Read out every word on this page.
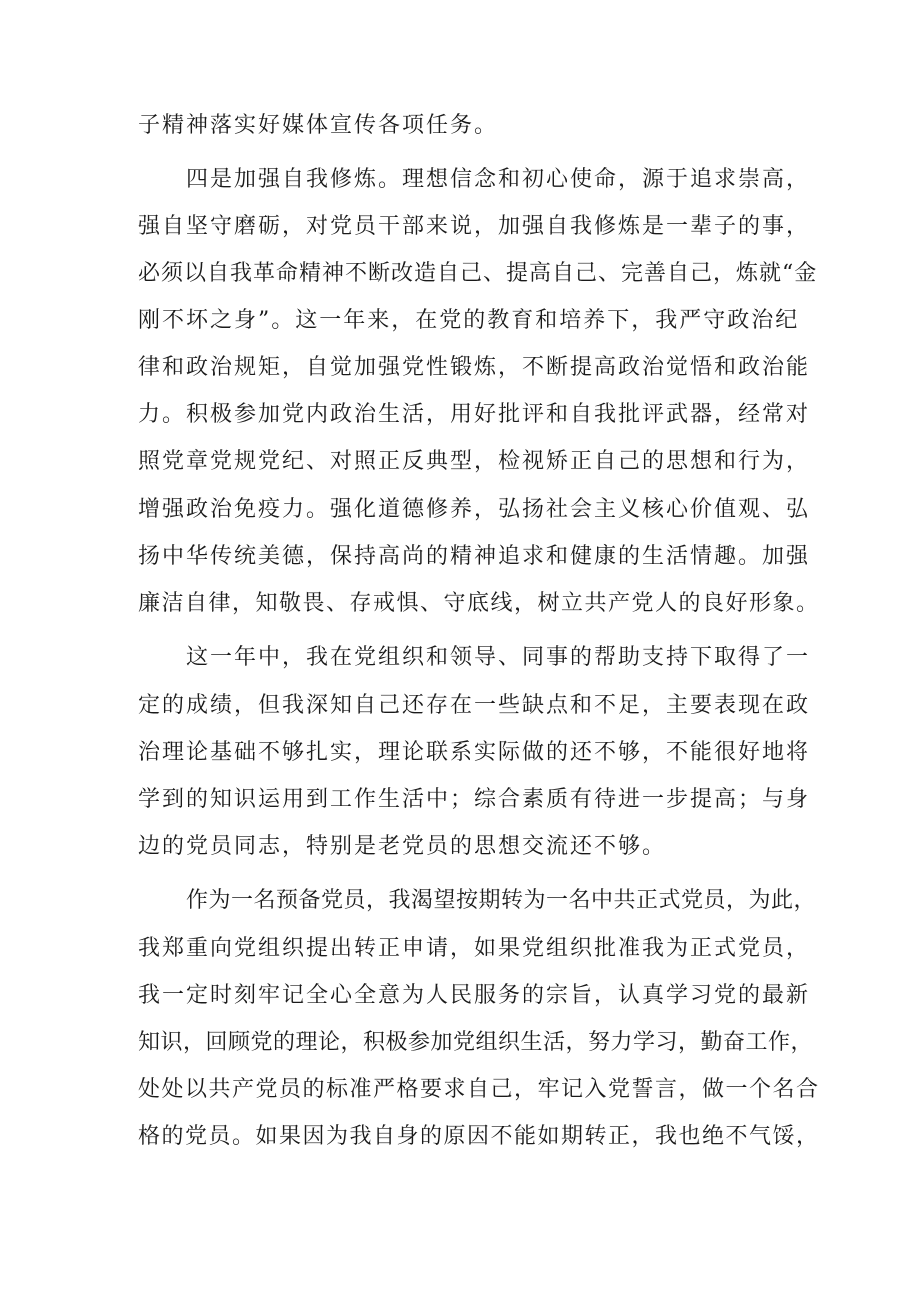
子精神落实好媒体宣传各项任务。
四是加强自我修炼。理想信念和初心使命，源于追求崇高，
强自坚守磨砺，对党员干部来说，加强自我修炼是一辈子的事，
必须以自我革命精神不断改造自己、提高自己、完善自己，炼就“金
刚不坏之身”。这一年来，在党的教育和培养下，我严守政治纪
律和政治规矩，自觉加强党性锻炼，不断提高政治觉悟和政治能
力。积极参加党内政治生活，用好批评和自我批评武器，经常对
照党章党规党纪、对照正反典型，检视矫正自己的思想和行为，
增强政治免疫力。强化道德修养，弘扬社会主义核心价值观、弘
扬中华传统美德，保持高尚的精神追求和健康的生活情趣。加强
廉洁自律，知敬畏、存戒惧、守底线，树立共产党人的良好形象。
这一年中，我在党组织和领导、同事的帮助支持下取得了一
定的成绩，但我深知自己还存在一些缺点和不足，主要表现在政
治理论基础不够扎实，理论联系实际做的还不够，不能很好地将
学到的知识运用到工作生活中；综合素质有待进一步提高；与身
边的党员同志，特别是老党员的思想交流还不够。
作为一名预备党员，我渴望按期转为一名中共正式党员，为此，
我郑重向党组织提出转正申请，如果党组织批准我为正式党员，
我一定时刻牢记全心全意为人民服务的宗旨，认真学习党的最新
知识，回顾党的理论，积极参加党组织生活，努力学习，勤奋工作，
处处以共产党员的标准严格要求自己，牢记入党誓言，做一个名合
格的党员。如果因为我自身的原因不能如期转正，我也绝不气馁，
